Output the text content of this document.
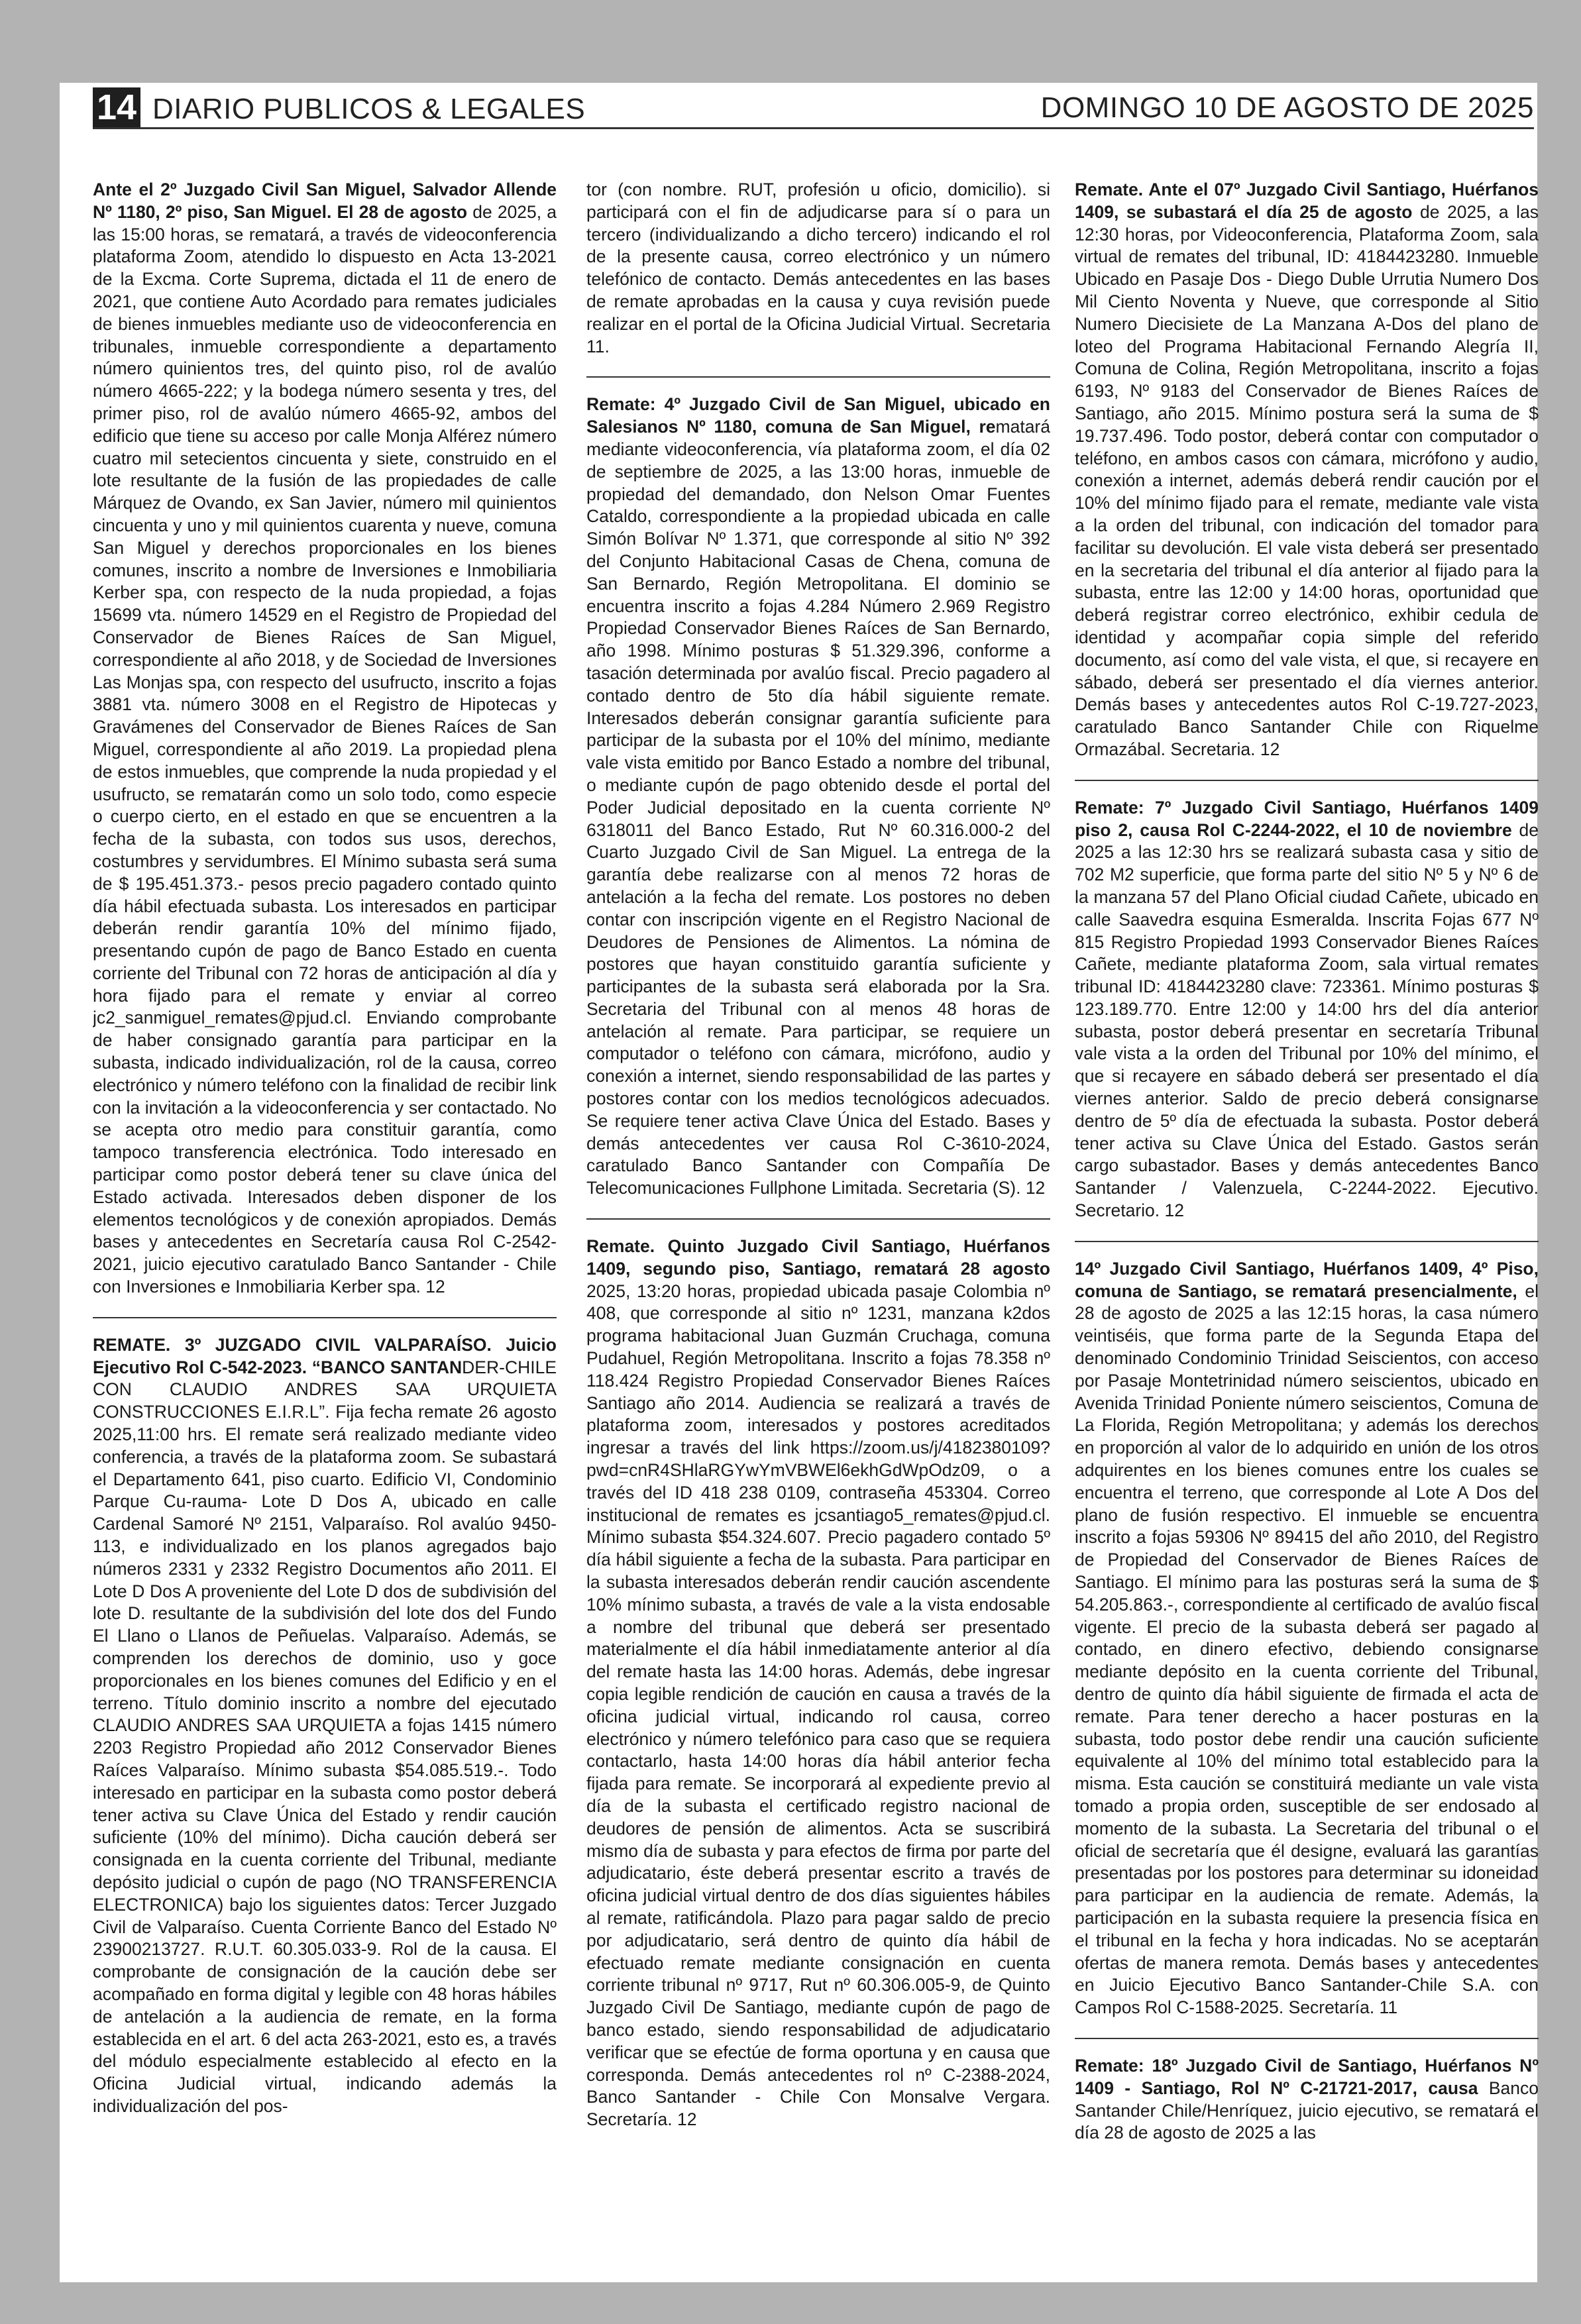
14 DIARIO PUBLICOS & LEGALES	DOMINGO 10 DE AGOSTO DE 2025

Ante el 2º Juzgado Civil San Miguel, Salvador Allende Nº 1180, 2º piso, San Miguel. El 28 de agosto de 2025, a las 15:00 horas, se rematará, a través de videoconferencia plataforma Zoom, atendido lo dispuesto en Acta 13-2021 de la Excma. Corte Suprema, dictada el 11 de enero de 2021, que contiene Auto Acordado para remates judiciales de bienes inmuebles mediante uso de videoconferencia en tribunales, inmueble correspondiente a departamento número quinientos tres, del quinto piso, rol de avalúo número 4665-222; y la bodega número sesenta y tres, del primer piso, rol de avalúo número 4665-92, ambos del edificio que tiene su acceso por calle Monja Alférez número cuatro mil setecientos cincuenta y siete, construido en el lote resultante de la fusión de las propiedades de calle Márquez de Ovando, ex San Javier, número mil quinientos cincuenta y uno y mil quinientos cuarenta y nueve, comuna San Miguel y derechos proporcionales en los bienes comunes, inscrito a nombre de Inversiones e Inmobiliaria Kerber spa, con respecto de la nuda propiedad, a fojas 15699 vta. número 14529 en el Registro de Propiedad del Conservador de Bienes Raíces de San Miguel, correspondiente al año 2018, y de Sociedad de Inversiones Las Monjas spa, con respecto del usufructo, inscrito a fojas 3881 vta. número 3008 en el Registro de Hipotecas y Gravámenes del Conservador de Bienes Raíces de San Miguel, correspondiente al año 2019. La propiedad plena de estos inmuebles, que comprende la nuda propiedad y el usufructo, se rematarán como un solo todo, como especie o cuerpo cierto, en el estado en que se encuentren a la fecha de la subasta, con todos sus usos, derechos, costumbres y servidumbres. El Mínimo subasta será suma de $ 195.451.373.- pesos precio pagadero contado quinto día hábil efectuada subasta. Los interesados en participar deberán rendir garantía 10% del mínimo fijado, presentando cupón de pago de Banco Estado en cuenta corriente del Tribunal con 72 horas de anticipación al día y hora fijado para el remate y enviar al correo jc2_sanmiguel_remates@pjud.cl. Enviando comprobante de haber consignado garantía para participar en la subasta, indicado individualización, rol de la causa, correo electrónico y número teléfono con la finalidad de recibir link con la invitación a la videoconferencia y ser contactado. No se acepta otro medio para constituir garantía, como tampoco transferencia electrónica. Todo interesado en participar como postor deberá tener su clave única del Estado activada. Interesados deben disponer de los elementos tecnológicos y de conexión apropiados. Demás bases y antecedentes en Secretaría causa Rol C-2542-2021, juicio ejecutivo caratulado Banco Santander - Chile con Inversiones e Inmobiliaria Kerber spa. 12

REMATE. 3º JUZGADO CIVIL VALPARAÍSO. Juicio Ejecutivo Rol C-542-2023. “BANCO SANTANDER-CHILE CON CLAUDIO ANDRES SAA URQUIETA CONSTRUCCIONES E.I.R.L”. Fija fecha remate 26 agosto 2025,11:00 hrs. El remate será realizado mediante video conferencia, a través de la plataforma zoom. Se subastará el Departamento 641, piso cuarto. Edificio VI, Condominio Parque Cu-rauma- Lote D Dos A, ubicado en calle Cardenal Samoré Nº 2151, Valparaíso. Rol avalúo 9450- 113, e individualizado en los planos agregados bajo números 2331 y 2332 Registro Documentos año 2011. El Lote D Dos A proveniente del Lote D dos de subdivisión del lote D. resultante de la subdivisión del lote dos del Fundo El Llano o Llanos de Peñuelas. Valparaíso. Además, se comprenden los derechos de dominio, uso y goce proporcionales en los bienes comunes del Edificio y en el terreno. Título dominio inscrito a nombre del ejecutado CLAUDIO ANDRES SAA URQUIETA a fojas 1415 número 2203 Registro Propiedad año 2012 Conservador Bienes Raíces Valparaíso. Mínimo subasta $54.085.519.-. Todo interesado en participar en la subasta como postor deberá tener activa su Clave Única del Estado y rendir caución suficiente (10% del mínimo). Dicha caución deberá ser consignada en la cuenta corriente del Tribunal, mediante depósito judicial o cupón de pago (NO TRANSFERENCIA ELECTRONICA) bajo los siguientes datos: Tercer Juzgado Civil de Valparaíso. Cuenta Corriente Banco del Estado Nº 23900213727. R.U.T. 60.305.033-9. Rol de la causa. El comprobante de consignación de la caución debe ser acompañado en forma digital y legible con 48 horas hábiles de antelación a la audiencia de remate, en la forma establecida en el art. 6 del acta 263-2021, esto es, a través del módulo especialmente establecido al efecto en la Oficina Judicial virtual, indicando además la individualización del pos-

tor (con nombre. RUT, profesión u oficio, domicilio). si participará con el fin de adjudicarse para sí o para un tercero (individualizando a dicho tercero) indicando el rol de la presente causa, correo electrónico y un número telefónico de contacto. Demás antecedentes en las bases de remate aprobadas en la causa y cuya revisión puede realizar en el portal de la Oficina Judicial Virtual. Secretaria 11.

Remate: 4º Juzgado Civil de San Miguel, ubicado en Salesianos Nº 1180, comuna de San Miguel, rematará mediante videoconferencia, vía plataforma zoom, el día 02 de septiembre de 2025, a las 13:00 horas, inmueble de propiedad del demandado, don Nelson Omar Fuentes Cataldo, correspondiente a la propiedad ubicada en calle Simón Bolívar Nº 1.371, que corresponde al sitio Nº 392 del Conjunto Habitacional Casas de Chena, comuna de San Bernardo, Región Metropolitana. El dominio se encuentra inscrito a fojas 4.284 Número 2.969 Registro Propiedad Conservador Bienes Raíces de San Bernardo, año 1998. Mínimo posturas $ 51.329.396, conforme a tasación determinada por avalúo fiscal. Precio pagadero al contado dentro de 5to día hábil siguiente remate. Interesados deberán consignar garantía suficiente para participar de la subasta por el 10% del mínimo, mediante vale vista emitido por Banco Estado a nombre del tribunal, o mediante cupón de pago obtenido desde el portal del Poder Judicial depositado en la cuenta corriente Nº 6318011 del Banco Estado, Rut Nº 60.316.000-2 del Cuarto Juzgado Civil de San Miguel. La entrega de la garantía debe realizarse con al menos 72 horas de antelación a la fecha del remate. Los postores no deben contar con inscripción vigente en el Registro Nacional de Deudores de Pensiones de Alimentos. La nómina de postores que hayan constituido garantía suficiente y participantes de la subasta será elaborada por la Sra. Secretaria del Tribunal con al menos 48 horas de antelación al remate. Para participar, se requiere un computador o teléfono con cámara, micrófono, audio y conexión a internet, siendo responsabilidad de las partes y postores contar con los medios tecnológicos adecuados. Se requiere tener activa Clave Única del Estado. Bases y demás antecedentes ver causa Rol C-3610-2024, caratulado Banco Santander con Compañía De Telecomunicaciones Fullphone Limitada. Secretaria (S). 12

Remate. Quinto Juzgado Civil Santiago, Huérfanos 1409, segundo piso, Santiago, rematará 28 agosto 2025, 13:20 horas, propiedad ubicada pasaje Colombia nº 408, que corresponde al sitio nº 1231, manzana k2dos programa habitacional Juan Guzmán Cruchaga, comuna Pudahuel, Región Metropolitana. Inscrito a fojas 78.358 nº 118.424 Registro Propiedad Conservador Bienes Raíces Santiago año 2014. Audiencia se realizará a través de plataforma zoom, interesados y postores acreditados ingresar a través del link https://zoom.us/j/4182380109?pwd=cnR4SHlaRGYwYmVBWEl6ekhGdWpOdz09, o a través del ID 418 238 0109, contraseña 453304. Correo institucional de remates es jcsantiago5_remates@pjud.cl. Mínimo subasta $54.324.607. Precio pagadero contado 5º día hábil siguiente a fecha de la subasta. Para participar en la subasta interesados deberán rendir caución ascendente 10% mínimo subasta, a través de vale a la vista endosable a nombre del tribunal que deberá ser presentado materialmente el día hábil inmediatamente anterior al día del remate hasta las 14:00 horas. Además, debe ingresar copia legible rendición de caución en causa a través de la oficina judicial virtual, indicando rol causa, correo electrónico y número telefónico para caso que se requiera contactarlo, hasta 14:00 horas día hábil anterior fecha fijada para remate. Se incorporará al expediente previo al día de la subasta el certificado registro nacional de deudores de pensión de alimentos. Acta se suscribirá mismo día de subasta y para efectos de firma por parte del adjudicatario, éste deberá presentar escrito a través de oficina judicial virtual dentro de dos días siguientes hábiles al remate, ratificándola. Plazo para pagar saldo de precio por adjudicatario, será dentro de quinto día hábil de efectuado remate mediante consignación en cuenta corriente tribunal nº 9717, Rut nº 60.306.005-9, de Quinto Juzgado Civil De Santiago, mediante cupón de pago de banco estado, siendo responsabilidad de adjudicatario verificar que se efectúe de forma oportuna y en causa que corresponda. Demás antecedentes rol nº C-2388-2024, Banco Santander - Chile Con Monsalve Vergara. Secretaría. 12

Remate. Ante el 07º Juzgado Civil Santiago, Huérfanos 1409, se subastará el día 25 de agosto de 2025, a las 12:30 horas, por Videoconferencia, Plataforma Zoom, sala virtual de remates del tribunal, ID: 4184423280. Inmueble Ubicado en Pasaje Dos - Diego Duble Urrutia Numero Dos Mil Ciento Noventa y Nueve, que corresponde al Sitio Numero Diecisiete de La Manzana A-Dos del plano de loteo del Programa Habitacional Fernando Alegría II, Comuna de Colina, Región Metropolitana, inscrito a fojas 6193, Nº 9183 del Conservador de Bienes Raíces de Santiago, año 2015. Mínimo postura será la suma de $ 19.737.496. Todo postor, deberá contar con computador o teléfono, en ambos casos con cámara, micrófono y audio, conexión a internet, además deberá rendir caución por el 10% del mínimo fijado para el remate, mediante vale vista a la orden del tribunal, con indicación del tomador para facilitar su devolución. El vale vista deberá ser presentado en la secretaria del tribunal el día anterior al fijado para la subasta, entre las 12:00 y 14:00 horas, oportunidad que deberá registrar correo electrónico, exhibir cedula de identidad y acompañar copia simple del referido documento, así como del vale vista, el que, si recayere en sábado, deberá ser presentado el día viernes anterior. Demás bases y antecedentes autos Rol C-19.727-2023, caratulado Banco Santander Chile con Riquelme Ormazábal. Secretaria. 12

Remate: 7º Juzgado Civil Santiago, Huérfanos 1409 piso 2, causa Rol C-2244-2022, el 10 de noviembre de 2025 a las 12:30 hrs se realizará subasta casa y sitio de 702 M2 superficie, que forma parte del sitio Nº 5 y Nº 6 de la manzana 57 del Plano Oficial ciudad Cañete, ubicado en calle Saavedra esquina Esmeralda. Inscrita Fojas 677 Nº 815 Registro Propiedad 1993 Conservador Bienes Raíces Cañete, mediante plataforma Zoom, sala virtual remates tribunal ID: 4184423280 clave: 723361. Mínimo posturas $ 123.189.770. Entre 12:00 y 14:00 hrs del día anterior subasta, postor deberá presentar en secretaría Tribunal vale vista a la orden del Tribunal por 10% del mínimo, el que si recayere en sábado deberá ser presentado el día viernes anterior. Saldo de precio deberá consignarse dentro de 5º día de efectuada la subasta. Postor deberá tener activa su Clave Única del Estado. Gastos serán cargo subastador. Bases y demás antecedentes Banco Santander / Valenzuela, C-2244-2022. Ejecutivo. Secretario. 12

14º Juzgado Civil Santiago, Huérfanos 1409, 4º Piso, comuna de Santiago, se rematará presencialmente, el 28 de agosto de 2025 a las 12:15 horas, la casa número veintiséis, que forma parte de la Segunda Etapa del denominado Condominio Trinidad Seiscientos, con acceso por Pasaje Montetrinidad número seiscientos, ubicado en Avenida Trinidad Poniente número seiscientos, Comuna de La Florida, Región Metropolitana; y además los derechos en proporción al valor de lo adquirido en unión de los otros adquirentes en los bienes comunes entre los cuales se encuentra el terreno, que corresponde al Lote A Dos del plano de fusión respectivo. El inmueble se encuentra inscrito a fojas 59306 Nº 89415 del año 2010, del Registro de Propiedad del Conservador de Bienes Raíces de Santiago. El mínimo para las posturas será la suma de $ 54.205.863.-, correspondiente al certificado de avalúo fiscal vigente. El precio de la subasta deberá ser pagado al contado, en dinero efectivo, debiendo consignarse mediante depósito en la cuenta corriente del Tribunal, dentro de quinto día hábil siguiente de firmada el acta de remate. Para tener derecho a hacer posturas en la subasta, todo postor debe rendir una caución suficiente equivalente al 10% del mínimo total establecido para la misma. Esta caución se constituirá mediante un vale vista tomado a propia orden, susceptible de ser endosado al momento de la subasta. La Secretaria del tribunal o el oficial de secretaría que él designe, evaluará las garantías presentadas por los postores para determinar su idoneidad para participar en la audiencia de remate. Además, la participación en la subasta requiere la presencia física en el tribunal en la fecha y hora indicadas. No se aceptarán ofertas de manera remota. Demás bases y antecedentes en Juicio Ejecutivo Banco Santander-Chile S.A. con Campos Rol C-1588-2025. Secretaría. 11

Remate: 18º Juzgado Civil de Santiago, Huérfanos Nº 1409 - Santiago, Rol Nº C-21721-2017, causa Banco Santander Chile/Henríquez, juicio ejecutivo, se rematará el día 28 de agosto de 2025 a las
